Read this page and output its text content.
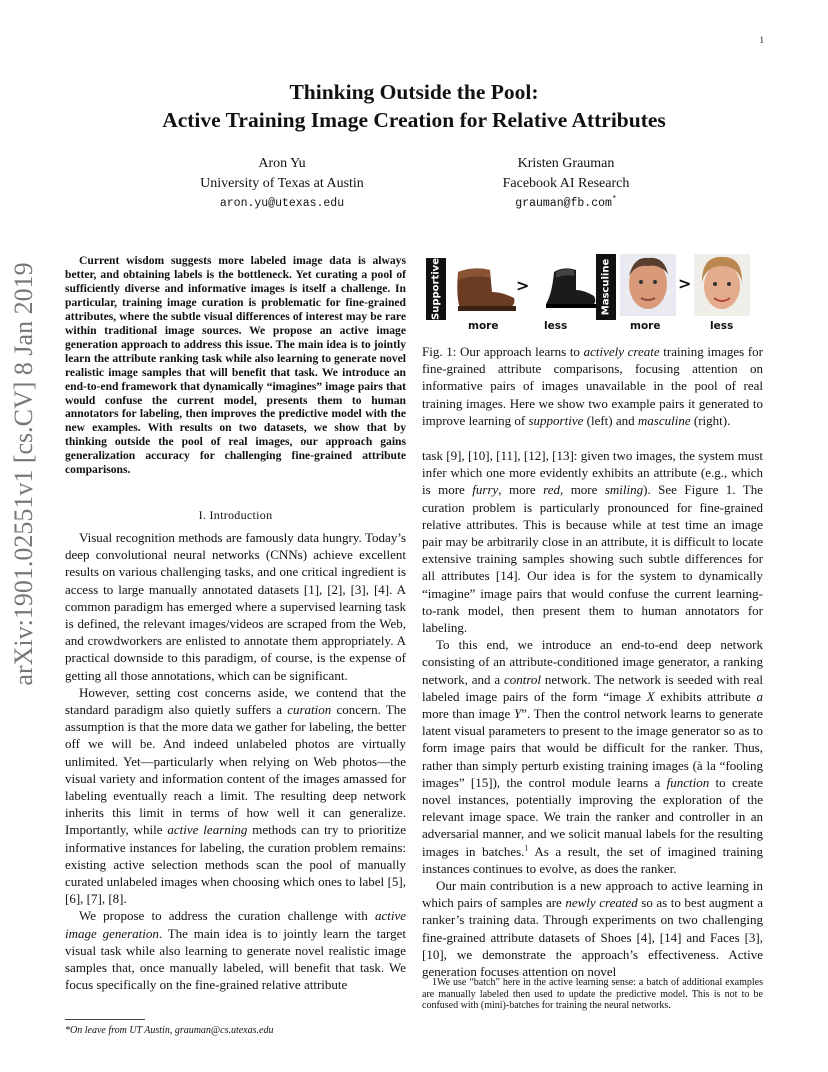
1
arXiv:1901.02551v1 [cs.CV] 8 Jan 2019
Thinking Outside the Pool:
Active Training Image Creation for Relative Attributes
Aron Yu
University of Texas at Austin
aron.yu@utexas.edu
Kristen Grauman
Facebook AI Research
grauman@fb.com*
Current wisdom suggests more labeled image data is always better, and obtaining labels is the bottleneck. Yet curating a pool of sufficiently diverse and informative images is itself a challenge. In particular, training image curation is problematic for fine-grained attributes, where the subtle visual differences of interest may be rare within traditional image sources. We propose an active image generation approach to address this issue. The main idea is to jointly learn the attribute ranking task while also learning to generate novel realistic image samples that will benefit that task. We introduce an end-to-end framework that dynamically “imagines” image pairs that would confuse the current model, presents them to human annotators for labeling, then improves the predictive model with the new examples. With results on two datasets, we show that by thinking outside the pool of real images, our approach gains generalization accuracy for challenging fine-grained attribute comparisons.
I. Introduction

Visual recognition methods are famously data hungry. Today’s deep convolutional neural networks (CNNs) achieve excellent results on various challenging tasks, and one critical ingredient is access to large manually annotated datasets [1], [2], [3], [4]. A common paradigm has emerged where a supervised learning task is defined, the relevant images/videos are scraped from the Web, and crowdworkers are enlisted to annotate them appropriately. A practical downside to this paradigm, of course, is the expense of getting all those annotations, which can be significant.

However, setting cost concerns aside, we contend that the standard paradigm also quietly suffers a curation concern. The assumption is that the more data we gather for labeling, the better off we will be. And indeed unlabeled photos are virtually unlimited. Yet—particularly when relying on Web photos—the visual variety and information content of the images amassed for labeling eventually reach a limit. The resulting deep network inherits this limit in terms of how well it can generalize. Importantly, while active learning methods can try to prioritize informative instances for labeling, the curation problem remains: existing active selection methods scan the pool of manually curated unlabeled images when choosing which ones to label [5], [6], [7], [8].

We propose to address the curation challenge with active image generation. The main idea is to jointly learn the target visual task while also learning to generate novel realistic image samples that, once manually labeled, will benefit that task. We focus specifically on the fine-grained relative attribute

*On leave from UT Austin, grauman@cs.utexas.edu
Supportive	>	Masculine	>
more	less	more	less
Fig. 1: Our approach learns to actively create training images for fine-grained attribute comparisons, focusing attention on informative pairs of images unavailable in the pool of real training images. Here we show two example pairs it generated to improve learning of supportive (left) and masculine (right).

task [9], [10], [11], [12], [13]: given two images, the system must infer which one more evidently exhibits an attribute (e.g., which is more furry, more red, more smiling). See Figure 1. The curation problem is particularly pronounced for fine-grained relative attributes. This is because while at test time an image pair may be arbitrarily close in an attribute, it is difficult to locate extensive training samples showing such subtle differences for all attributes [14]. Our idea is for the system to dynamically “imagine” image pairs that would confuse the current learning-to-rank model, then present them to human annotators for labeling.

To this end, we introduce an end-to-end deep network consisting of an attribute-conditioned image generator, a ranking network, and a control network. The network is seeded with real labeled image pairs of the form “image X exhibits attribute a more than image Y”. Then the control network learns to generate latent visual parameters to present to the image generator so as to form image pairs that would be difficult for the ranker. Thus, rather than simply perturb existing training images (à la “fooling images” [15]), the control module learns a function to create novel instances, potentially improving the exploration of the relevant image space. We train the ranker and controller in an adversarial manner, and we solicit manual labels for the resulting images in batches.$^1$ As a result, the set of imagined training instances continues to evolve, as does the ranker.

Our main contribution is a new approach to active learning in which pairs of samples are newly created so as to best augment a ranker’s training data. Through experiments on two challenging fine-grained attribute datasets of Shoes [4], [14] and Faces [3], [10], we demonstrate the approach’s effectiveness. Active generation focuses attention on novel

1We use “batch” here in the active learning sense: a batch of additional examples are manually labeled then used to update the predictive model. This is not to be confused with (mini)-batches for training the neural networks.
